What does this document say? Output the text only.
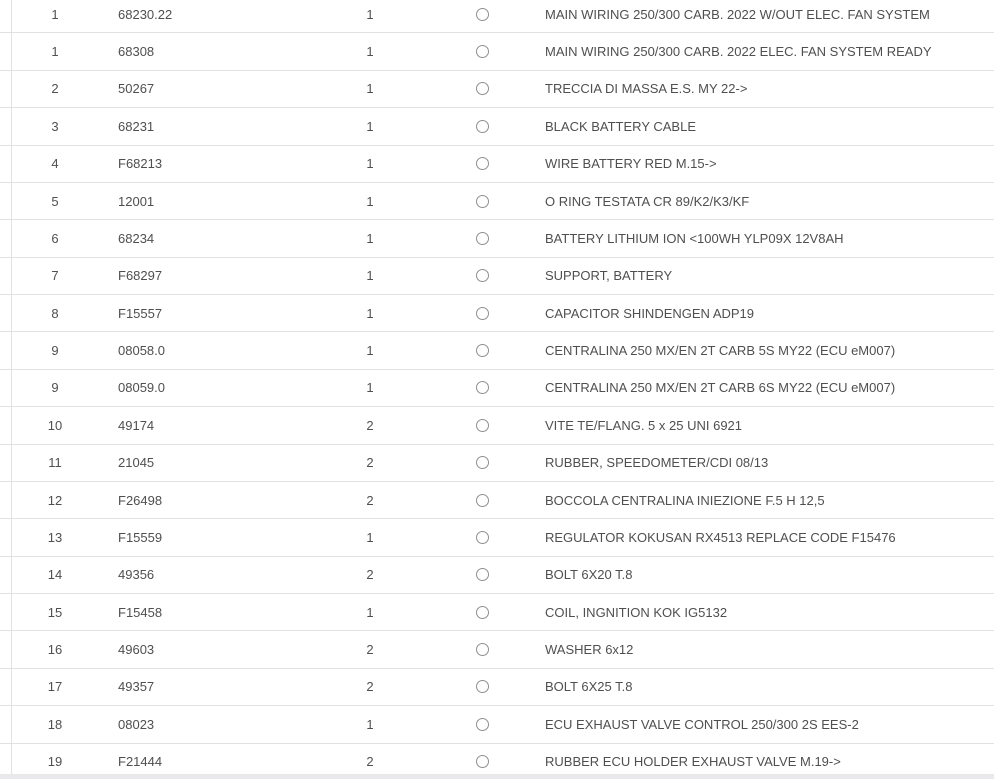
1	68230.22	1	MAIN WIRING 250/300 CARB. 2022 W/OUT ELEC. FAN SYSTEM
1	68308	1	MAIN WIRING 250/300 CARB. 2022 ELEC. FAN SYSTEM READY
2	50267	1	TRECCIA DI MASSA E.S. MY 22->
3	68231	1	BLACK BATTERY CABLE
4	F68213	1	WIRE BATTERY RED M.15->
5	12001	1	O RING TESTATA CR 89/K2/K3/KF
6	68234	1	BATTERY LITHIUM ION <100WH YLP09X 12V8AH
7	F68297	1	SUPPORT, BATTERY
8	F15557	1	CAPACITOR SHINDENGEN ADP19
9	08058.0	1	CENTRALINA 250 MX/EN 2T CARB 5S MY22 (ECU eM007)
9	08059.0	1	CENTRALINA 250 MX/EN 2T CARB 6S MY22 (ECU eM007)
10	49174	2	VITE TE/FLANG. 5 x 25 UNI 6921
11	21045	2	RUBBER, SPEEDOMETER/CDI 08/13
12	F26498	2	BOCCOLA CENTRALINA INIEZIONE F.5 H 12,5
13	F15559	1	REGULATOR KOKUSAN RX4513 REPLACE CODE F15476
14	49356	2	BOLT 6X20 T.8
15	F15458	1	COIL, INGNITION KOK IG5132
16	49603	2	WASHER 6x12
17	49357	2	BOLT 6X25 T.8
18	08023	1	ECU EXHAUST VALVE CONTROL 250/300 2S EES-2
19	F21444	2	RUBBER ECU HOLDER EXHAUST VALVE M.19->
